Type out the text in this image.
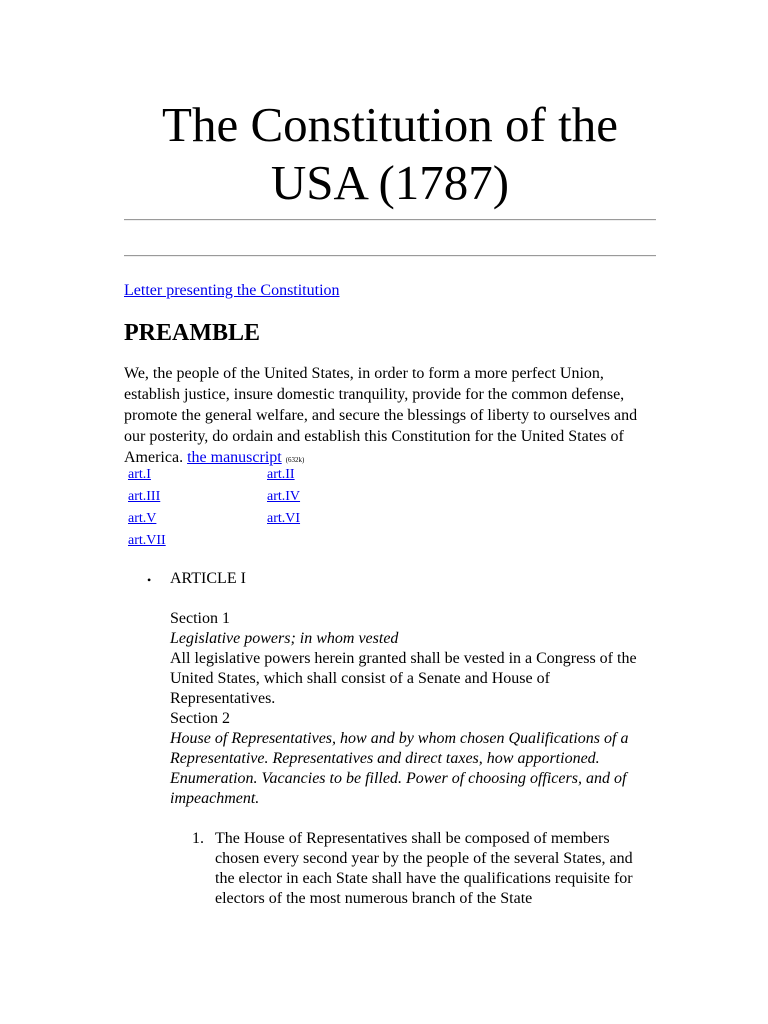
The Constitution of the USA (1787)
Letter presenting the Constitution
PREAMBLE

We, the people of the United States, in order to form a more perfect Union, establish justice, insure domestic tranquility, provide for the common defense, promote the general welfare, and secure the blessings of liberty to ourselves and our posterity, do ordain and establish this Constitution for the United States of America. the manuscript (632k)

art.I	art.II
art.III	art.IV
art.V	art.VI
art.VII	
• ARTICLE I
Section 1
Legislative powers; in whom vested
All legislative powers herein granted shall be vested in a Congress of the United States, which shall consist of a Senate and House of Representatives.
Section 2
House of Representatives, how and by whom chosen Qualifications of a Representative. Representatives and direct taxes, how apportioned. Enumeration. Vacancies to be filled. Power of choosing officers, and of impeachment.
1. The House of Representatives shall be composed of members chosen every second year by the people of the several States, and the elector in each State shall have the qualifications requisite for electors of the most numerous branch of the State
